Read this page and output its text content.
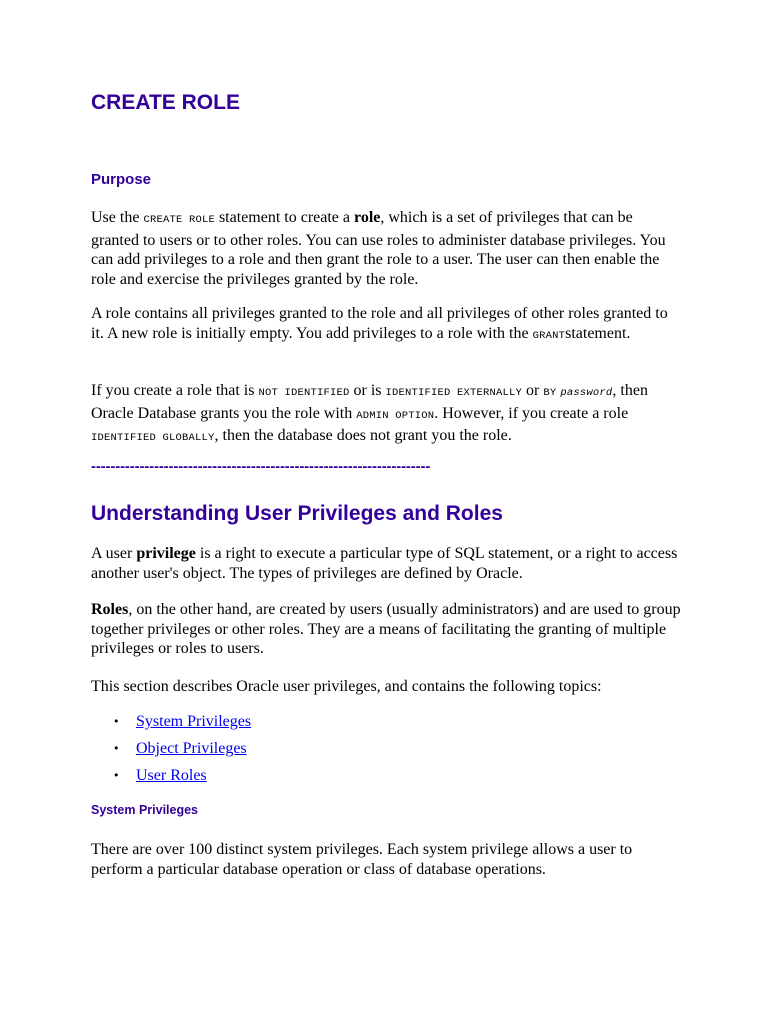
CREATE ROLE
Purpose

Use the CREATE ROLE statement to create a role, which is a set of privileges that can be granted to users or to other roles. You can use roles to administer database privileges. You can add privileges to a role and then grant the role to a user. The user can then enable the role and exercise the privileges granted by the role.

A role contains all privileges granted to the role and all privileges of other roles granted to it. A new role is initially empty. You add privileges to a role with the GRANTstatement.

If you create a role that is NOT IDENTIFIED or is IDENTIFIED EXTERNALLY or BY password, then Oracle Database grants you the role with ADMIN OPTION. However, if you create a role IDENTIFIED GLOBALLY, then the database does not grant you the role.

----------------------------------------------------------------------
Understanding User Privileges and Roles

A user privilege is a right to execute a particular type of SQL statement, or a right to access another user's object. The types of privileges are defined by Oracle.

Roles, on the other hand, are created by users (usually administrators) and are used to group together privileges or other roles. They are a means of facilitating the granting of multiple privileges or roles to users.

This section describes Oracle user privileges, and contains the following topics:

• System Privileges
• Object Privileges
• User Roles
System Privileges

There are over 100 distinct system privileges. Each system privilege allows a user to perform a particular database operation or class of database operations.
